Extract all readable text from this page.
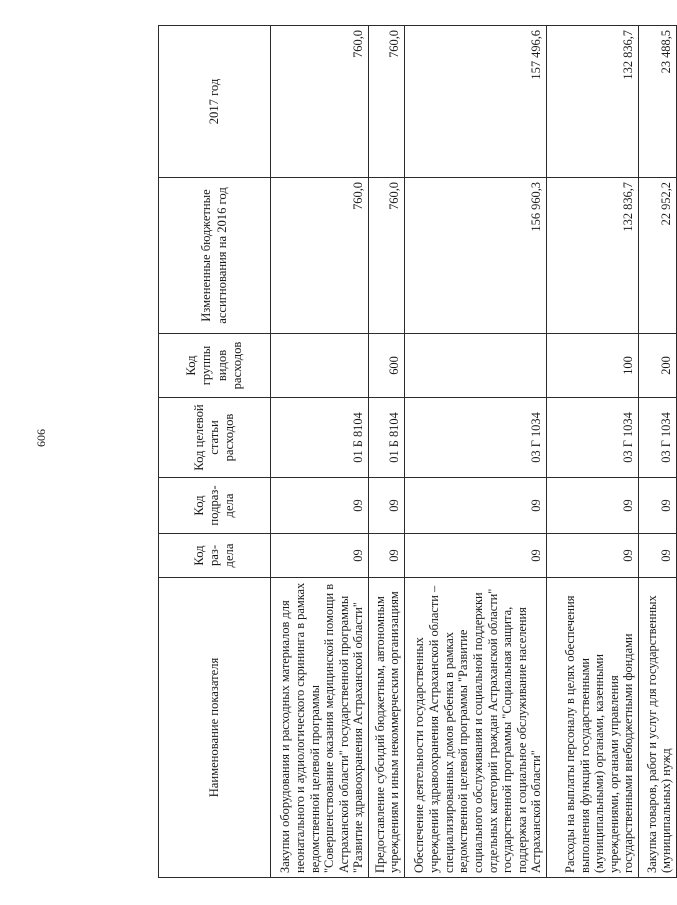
606
Наименование показателя	Код раз-дела	Код подраз-дела	Код целевой статьи расходов	Код группы видов расходов	Измененные бюджетные ассигнования на 2016 год	2017 год
Закупки оборудования и расходных материалов для неонатального и аудиологического скрининга в рамках ведомственной целевой программы "Совершенствование оказания медицинской помощи в Астраханской области" государственной программы "Развитие здравоохранения Астраханской области"	09	09	01 Б 8104		760,0	760,0
Предоставление субсидий бюджетным, автономным учреждениям и иным некоммерческим организациям	09	09	01 Б 8104	600	760,0	760,0
Обеспечение деятельности государственных учреждений здравоохранения Астраханской области – специализированных домов ребенка в рамках ведомственной целевой программы "Развитие социального обслуживания и социальной поддержки отдельных категорий граждан Астраханской области" государственной программы "Социальная защита, поддержка и социальное обслуживание населения Астраханской области"	09	09	03 Г 1034		156 960,3	157 496,6
Расходы на выплаты персоналу в целях обеспечения выполнения функций государственными (муниципальными) органами, казенными учреждениями, органами управления государственными внебюджетными фондами	09	09	03 Г 1034	100	132 836,7	132 836,7
Закупка товаров, работ и услуг для государственных (муниципальных) нужд	09	09	03 Г 1034	200	22 952,2	23 488,5
